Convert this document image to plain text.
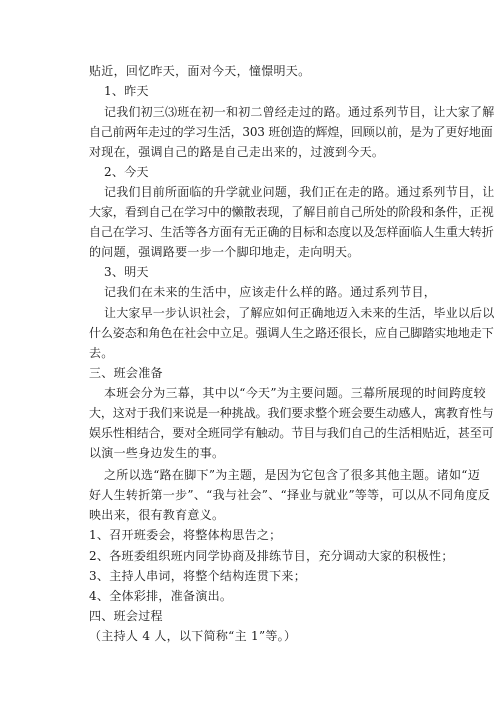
贴近，回忆昨天，面对今天，憧憬明天。
1、昨天
记我们初三⑶班在初一和初二曾经走过的路。通过系列节目，让大家了解
自己前两年走过的学习生活，303 班创造的辉煌，回顾以前，是为了更好地面
对现在，强调自己的路是自己走出来的，过渡到今天。
2、今天
记我们目前所面临的升学就业问题，我们正在走的路。通过系列节目，让
大家，看到自己在学习中的懒散表现，了解目前自己所处的阶段和条件，正视
自己在学习、生活等各方面有无正确的目标和态度以及怎样面临人生重大转折
的问题，强调路要一步一个脚印地走，走向明天。
3、明天
记我们在未来的生活中，应该走什么样的路。通过系列节目，
让大家早一步认识社会，了解应如何正确地迈入未来的生活，毕业以后以
什么姿态和角色在社会中立足。强调人生之路还很长，应自己脚踏实地地走下
去。
三、班会准备
本班会分为三幕，其中以“今天”为主要问题。三幕所展现的时间跨度较
大，这对于我们来说是一种挑战。我们要求整个班会要生动感人，寓教育性与
娱乐性相结合，要对全班同学有触动。节目与我们自己的生活相贴近，甚至可
以演一些身边发生的事。
之所以选“路在脚下”为主题，是因为它包含了很多其他主题。诸如“迈
好人生转折第一步”、“我与社会”、“择业与就业”等等，可以从不同角度反
映出来，很有教育意义。
1、召开班委会，将整体构思告之；
2、各班委组织班内同学协商及排练节目，充分调动大家的积极性；
3、主持人串词，将整个结构连贯下来；
4、全体彩排，准备演出。
四、班会过程
（主持人 4 人，以下简称“主 1”等。）
